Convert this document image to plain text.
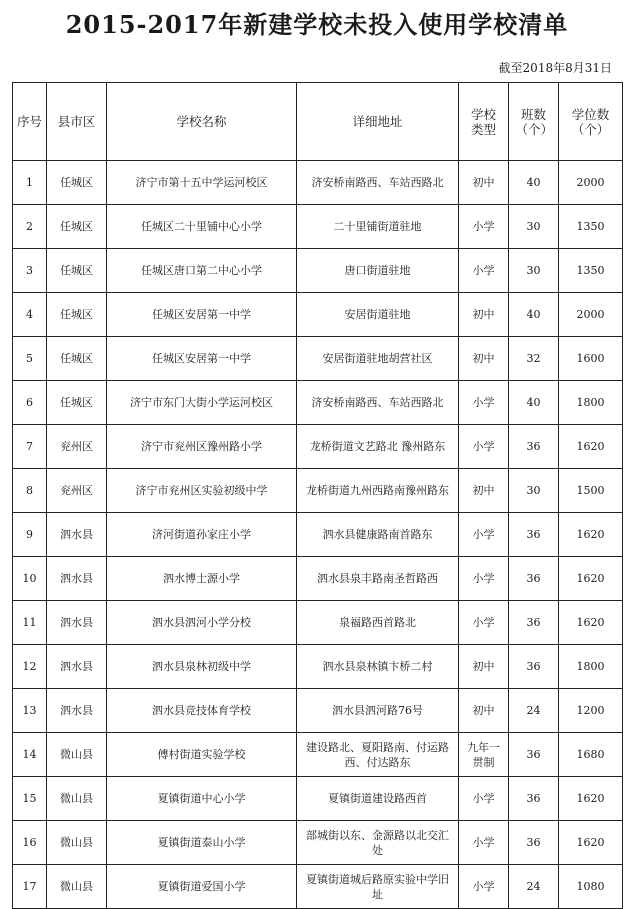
2015-2017年新建学校未投入使用学校清单
截至2018年8月31日
序号	县市区	学校名称	详细地址	学校类型	班数（个）	学位数（个）

1	任城区	济宁市第十五中学运河校区	济安桥南路西、车站西路北	初中	40	2000
2	任城区	任城区二十里铺中心小学	二十里铺街道驻地	小学	30	1350
3	任城区	任城区唐口第二中心小学	唐口街道驻地	小学	30	1350
4	任城区	任城区安居第一中学	安居街道驻地	初中	40	2000
5	任城区	任城区安居第一中学	安居街道驻地胡营社区	初中	32	1600
6	任城区	济宁市东门大街小学运河校区	济安桥南路西、车站西路北	小学	40	1800
7	兖州区	济宁市兖州区豫州路小学	龙桥街道文艺路北 豫州路东	小学	36	1620
8	兖州区	济宁市兖州区实验初级中学	龙桥街道九州西路南豫州路东	初中	30	1500
9	泗水县	济河街道孙家庄小学	泗水县健康路南首路东	小学	36	1620
10	泗水县	泗水博士源小学	泗水县泉丰路南圣哲路西	小学	36	1620
11	泗水县	泗水县泗河小学分校	泉福路西首路北	小学	36	1620
12	泗水县	泗水县泉林初级中学	泗水县泉林镇卞桥二村	初中	36	1800
13	泗水县	泗水县竞技体育学校	泗水县泗河路76号	初中	24	1200
14	微山县	傅村街道实验学校	建设路北、夏阳路南、付运路西、付达路东	九年一贯制	36	1680
15	微山县	夏镇街道中心小学	夏镇街道建设路西首	小学	36	1620
16	微山县	夏镇街道泰山小学	部城街以东、金源路以北交汇处	小学	36	1620
17	微山县	夏镇街道爱国小学	夏镇街道城后路原实验中学旧址	小学	24	1080
